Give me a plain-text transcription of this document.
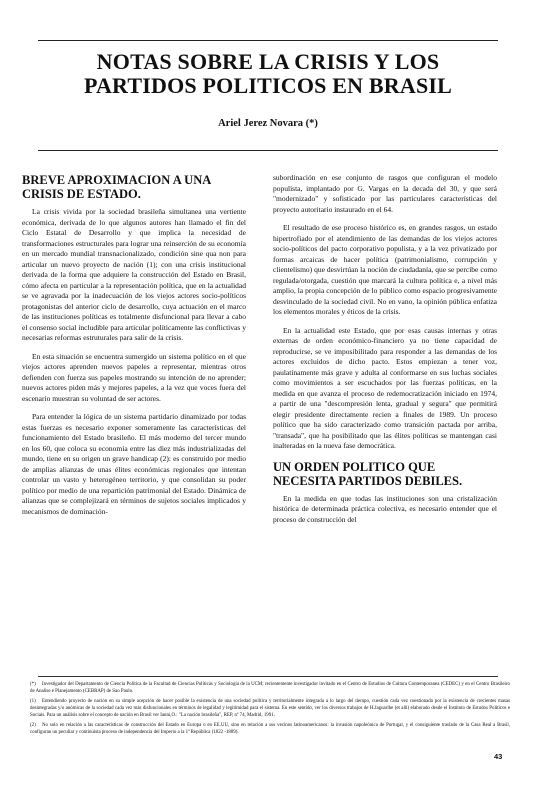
NOTAS SOBRE LA CRISIS Y LOS
PARTIDOS POLITICOS EN BRASIL
Ariel Jerez Novara (*)
BREVE APROXIMACION A UNA CRISIS DE ESTADO.

La crisis vivida por la sociedad brasileña simultanea una vertiente económica, derivada de lo que algunos autores han llamado el fin del Ciclo Estatal de Desarrollo y que implica la necesidad de transformaciones estructurales para lograr una reinserción de su economía en un mercado mundial transnacionalizado, condición sine qua non para articular un nuevo proyecto de nación (1); con una crisis institucional derivada de la forma que adquiere la construcción del Estado en Brasil, cómo afecta en particular a la representación política, que en la actualidad se ve agravada por la inadecuación de los viejos actores socio-políticos protagonistas del anterior ciclo de desarrollo, cuya actuación en el marco de las instituciones políticas es totalmente disfuncional para llevar a cabo el consenso social includible para articular políticamente las conflictivas y necesarias reformas estruturales para salir de la crisis.

En esta situación se encuentra sumergido un sistema político en el que viejos actores aprenden nuevos papeles a representar, mientras otros defienden con fuerza sus papeles mostrando su intención de no aprender; nuevos actores piden más y mejores papeles, a la vez que voces fuera del escenario muestran su voluntad de ser actores.

Para entender la lógica de un sistema partidario dinamizado por todas estas fuerzas es necesario exponer someramente las características del funcionamiento del Estado brasileño. El más moderno del tercer mundo en los 60, que coloca su economía entre las diez más industrializadas del mundo, tiene en su origen un grave handicap (2): es construido por medio de amplias alianzas de unas élites económicas regionales que intentan controlar un vasto y heterogéneo territorio, y que consolidan su poder político por medio de una repartición patrimonial del Estado. Dinámica de alianzas que se complejizará en términos de sujetos sociales implicados y mecanismos de dominación-

subordinación en ese conjunto de rasgos que configuran el modelo populista, implantado por G. Vargas en la decada del 30, y que será "modernizado" y sofisticado por las particulares características del proyecto autoritario instaurado en el 64.

El resultado de ese proceso histórico es, en grandes rasgos, un estado hipertrofiado por el atendimiento de las demandas de los viejos actores socio-políticos del pacto corporativo populista, y a la vez privatizado por formas arcaicas de hacer política (patrimonialismo, corrupción y clientelismo) que desvirtúan la noción de ciudadanía, que se percibe como regulada/otorgada, cuestión que marcará la cultura política e, a nivel más amplio, la propia concepción de lo público como espacio progresivamente desvinculado de la sociedad civil. No en vano, la opinión pública enfatiza los elementos morales y éticos de la crisis.

En la actualidad este Estado, que por esas causas internas y otras externas de orden económico-financiero ya no tiene capacidad de reproducirse, se ve imposibilitado para responder a las demandas de los actores excluidos de dicho pacto. Estos empiezan a tener voz, paulatinamente más grave y adulta al conformarse en sus luchas sociales como movimientos a ser escuchados por las fuerzas políticas, en la medida en que avanza el proceso de redemocratización iniciado en 1974, a partir de una "descompresión lenta, gradual y segura" que permitirá elegir presidente directamente recien a finales de 1989. Un proceso político que ha sido caracterizado como transición pactada por arriba, "transada", que ha posibilitado que las élites políticas se mantengan casi inalteradas en la nueva fase democrática.

UN ORDEN POLITICO QUE NECESITA PARTIDOS DEBILES.

En la medida en que todas las instituciones son una cristalización histórica de determinada práctica colectiva, es necesario entender que el proceso de construcción del

(*) Investigador del Departamento de Ciencia Política de la Facultad de Ciencias Políticas y Sociología de la UCM; recientemente investigador invitado en el Centro de Estudios de Cultura Contemporanea (CEDEC) y en el Centro Brasileiro de Analise e Planejamento (CEBRAP) de Sao Paulo.

(1) Entendiendo proyecto de nación en su simple acepción de hacer posible la existencia de una sociedad política y territorialmente integrada a lo largo del tiempo, cuestión cada vez cuestionada por la existencia de crecientes masas desintegradas y/o anómicas de la sociedad cada vez más disfuncionales en términos de legalidad y legitimidad para el sistema. En este sentido, ver los diversos trabajos de H.Jaguaribe (et alli) elaborado desde el Instituto de Estudos Políticos e Sociais. Para un análisis sobre el concepto de nación en Brasil ver Ianni,O.: "La nación brasileña", REP, nº 74, Madrid, 1991.

(2) No solo en relación a las características de construcción del Estado en Europa o en EE.UU, sino en relación a sus vecinos latinoamericanos: la invasión napoleónica de Portugal, y el consiguiente traslado de la Casa Real a Brasil, configuran un peculiar y continuista proceso de independencia del Imperio a la 1ª República (1822 -1889).

43
